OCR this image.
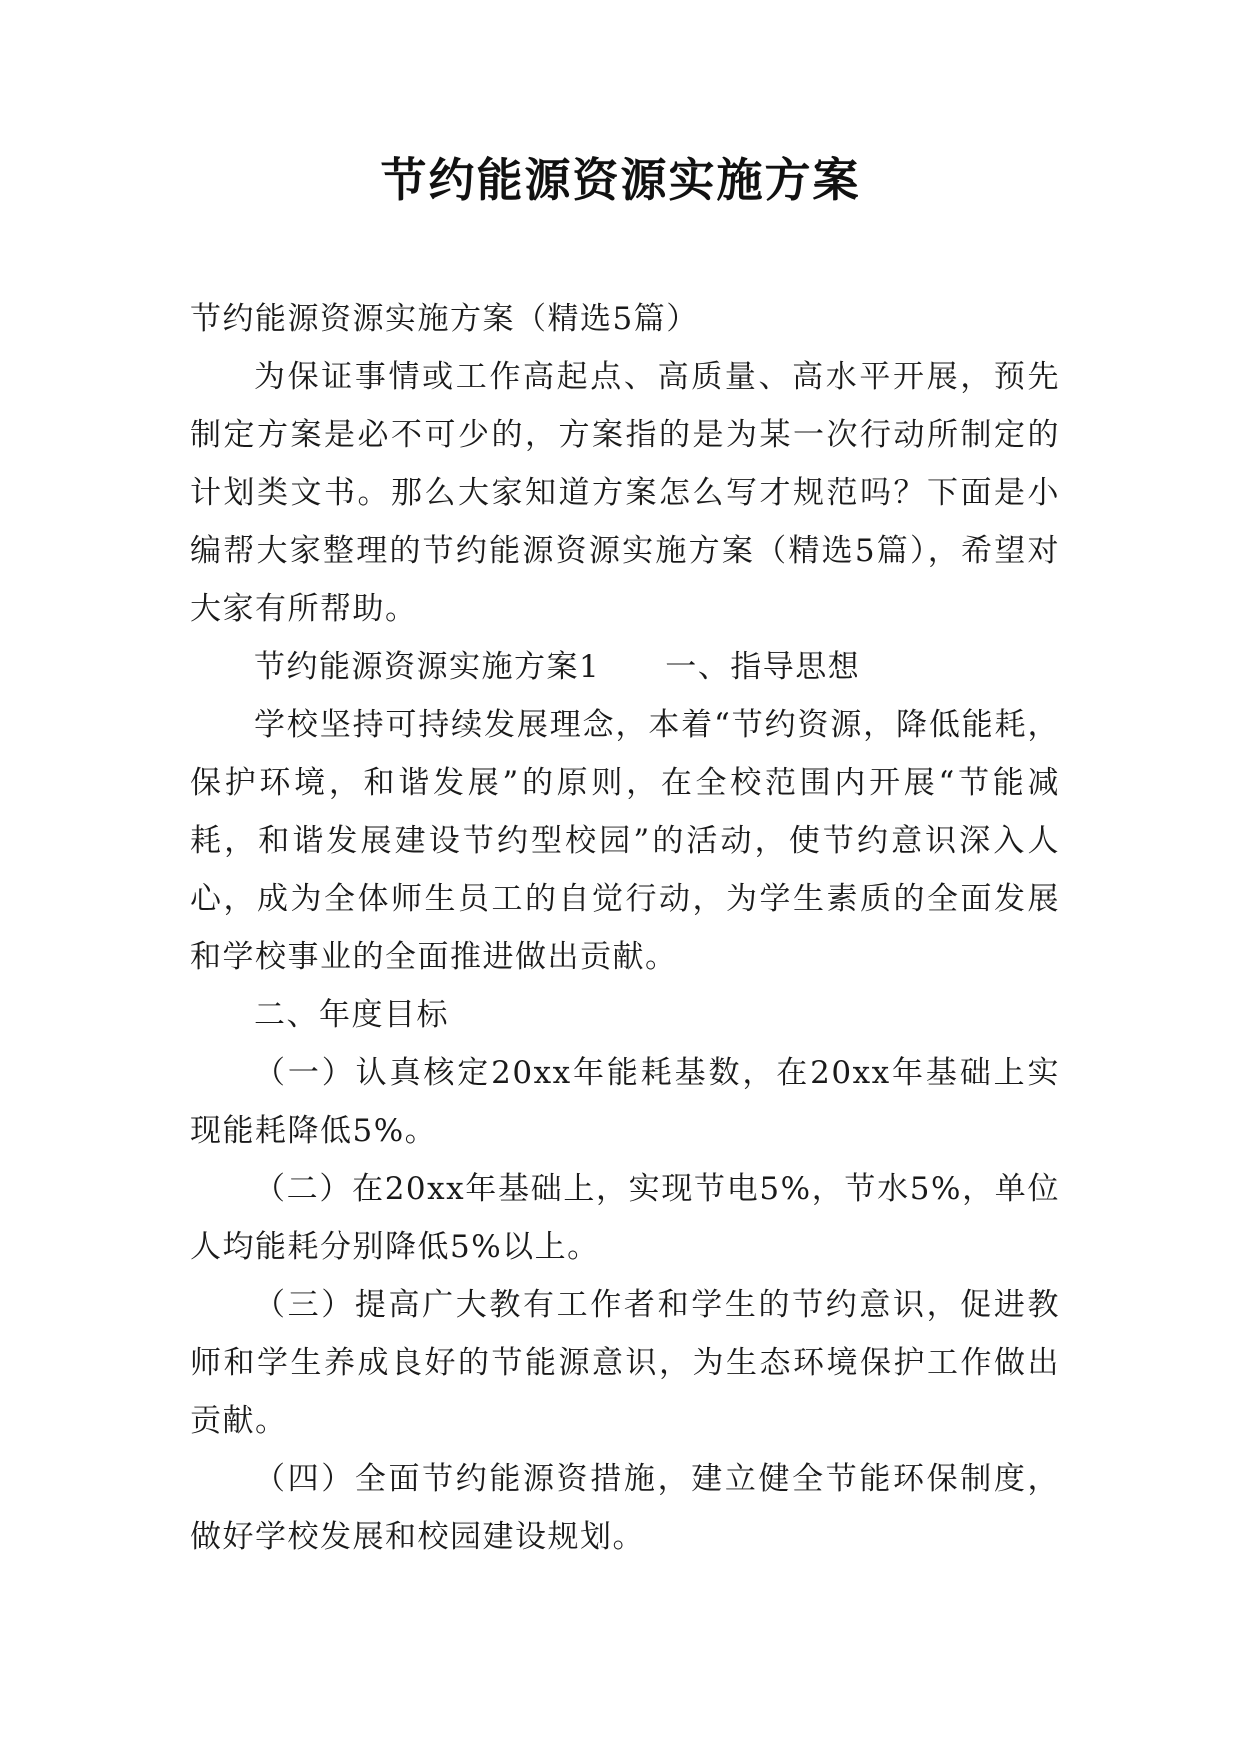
节约能源资源实施方案

节约能源资源实施方案（精选5篇）

为保证事情或工作高起点、高质量、高水平开展，预先制定方案是必不可少的，方案指的是为某一次行动所制定的计划类文书。那么大家知道方案怎么写才规范吗？下面是小编帮大家整理的节约能源资源实施方案（精选5篇），希望对大家有所帮助。

节约能源资源实施方案1　　一、指导思想

学校坚持可持续发展理念，本着“节约资源，降低能耗，保护环境，和谐发展”的原则，在全校范围内开展“节能减耗，和谐发展建设节约型校园”的活动，使节约意识深入人心，成为全体师生员工的自觉行动，为学生素质的全面发展和学校事业的全面推进做出贡献。

二、年度目标

（一）认真核定20xx年能耗基数，在20xx年基础上实现能耗降低5%。

（二）在20xx年基础上，实现节电5%，节水5%，单位人均能耗分别降低5%以上。

（三）提高广大教有工作者和学生的节约意识，促进教师和学生养成良好的节能源意识，为生态环境保护工作做出贡献。

（四）全面节约能源资措施，建立健全节能环保制度，做好学校发展和校园建设规划。
